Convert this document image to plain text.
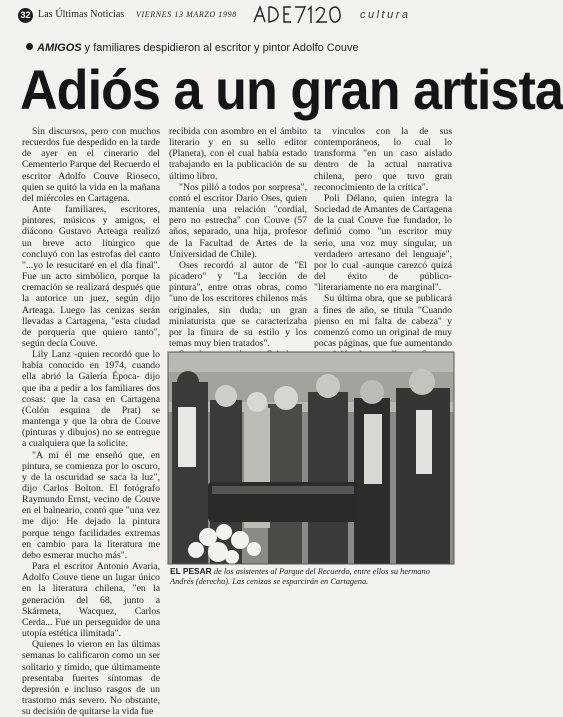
32 Las Últimas Noticias VIERNES 13 MARZO 1998	cultura
AMIGOS y familiares despidieron al escritor y pintor Adolfo Couve
Adiós a un gran artista

Sin discursos, pero con muchos recuerdos fue despedido en la tarde de ayer en el cinerario del Cementerio Parque del Recuerdo el escritor Adolfo Couve Rioseco, quien se quitó la vida en la mañana del miércoles en Cartagena.

Ante familiares, escritores, pintores, músicos y amigos, el diácono Gustavo Arteaga realizó un breve acto litúrgico que concluyó con las estrofas del canto "...yo le resucitaré en el día final". Fue un acto simbólico, porque la cremación se realizará después que la autorice un juez, según dijo Arteaga. Luego las cenizas serán llevadas a Cartagena, "esta ciudad de porquería que quiero tanto", según decía Couve.

Lily Lanz -quien recordó que lo había conocido en 1974, cuando ella abrió la Galería Época- dijo que iba a pedir a los familiares dos cosas: que la casa en Cartagena (Colón esquina de Prat) se mantenga y que la obra de Couve (pinturas y dibujos) no se entregue a cualquiera que la solicite.

"A mí él me enseñó que, en pintura, se comienza por lo oscuro, y de la oscuridad se saca la luz", dijo Carlos Bolton. El fotógrafo Raymundo Ernst, vecino de Couve en el balneario, contó que "una vez me dijo: He dejado la pintura porque tengo facilidades extremas en cambio para la literatura me debo esmerar mucho más".

Para el escritor Antonio Avaria, Adolfo Couve tiene un lugar único en la literatura chilena, "en la generación del 68, junto a Skármeta, Wacquez, Carlos Cerda... Fue un perseguidor de una utopía estética ilimitada".

Quienes lo vieron en las últimas semanas lo calificaron como un ser solitario y tímido, que últimamente presentaba fuertes síntomas de depresión e incluso rasgos de un trastorno más severo. No obstante, su decisión de quitarse la vida fue

recibida con asombro en el ámbito literario y en su sello editor (Planeta), con el cual había estado trabajando en la publicación de su último libro.

"Nos pilló a todos por sorpresa", contó el escritor Darío Oses, quien mantenía una relación "cordial, pero no estrecha" con Couve (57 años, separado, una hija, profesor de la Facultad de Artes de la Universidad de Chile).

Oses recordó al autor de "El picadero" y "La lección de pintura", entre otras obras, como "uno de los escritores chilenos más originales, sin duda; un gran miniaturista que se caracterizaba por la finura de su estilo y los temas muy bien tratados".

ta vínculos con la de sus contemporáneos, lo cual lo transforma "en un caso aislado dentro de la actual narrativa chilena, pero que tuvo gran reconocimiento de la crítica".

Poli Délano, quien integra la Sociedad de Amantes de Cartagena de la cual Couve fue fundador, lo definió como "un escritor muy serio, una voz muy singular, un verdadero artesano del lenguaje", por lo cual -aunque carezcó quizá del éxito de público- "literariamente no era marginal".

Su última obra, que se publicará a fines de año, se titula "Cuando pienso en mi falta de cabeza" y comenzó como un original de muy pocas páginas, que fue aumentando

EL PESAR de los asistentes al Parque del Recuerdo, entre ellos su hermano Andrés (derecha). Las cenizas se esparcirán en Cartagena.
